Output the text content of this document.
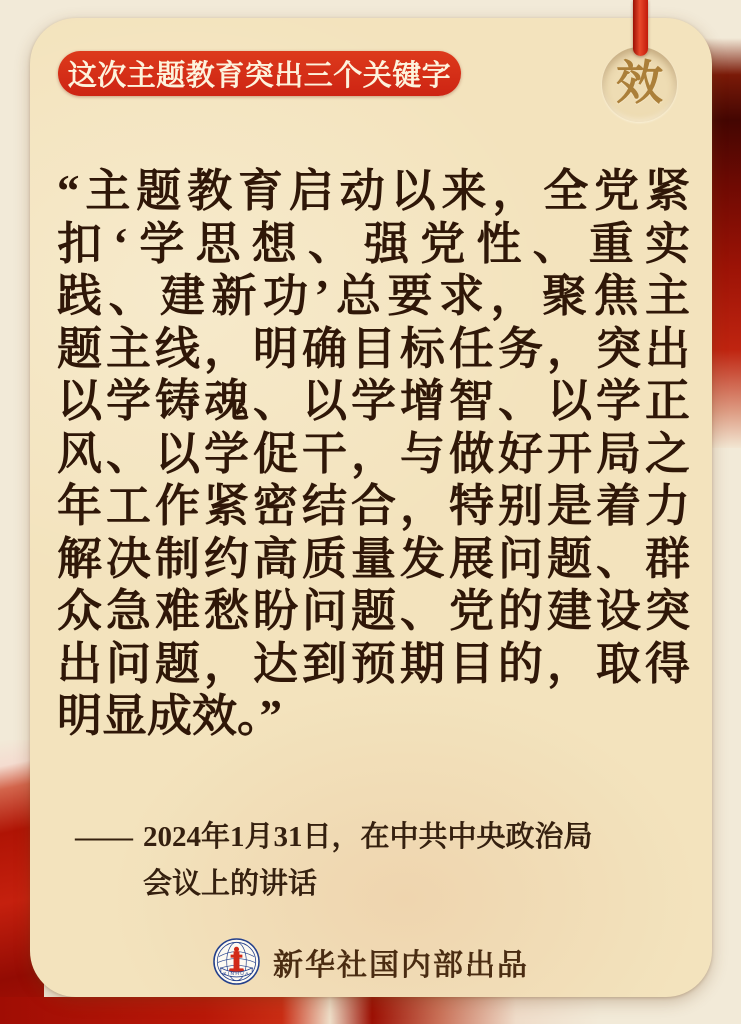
这次主题教育突出三个关键字	效
“主题教育启动以来，全党紧
扣‘学思想、强党性、重实
践、建新功’总要求，聚焦主
题主线，明确目标任务，突出
以学铸魂、以学增智、以学正
风、以学促干，与做好开局之
年工作紧密结合，特别是着力
解决制约高质量发展问题、群
众急难愁盼问题、党的建设突
出问题，达到预期目的，取得
明显成效。”
—— 2024年1月31日，在中共中央政治局
会议上的讲话
XINHUA 新华社国内部出品
